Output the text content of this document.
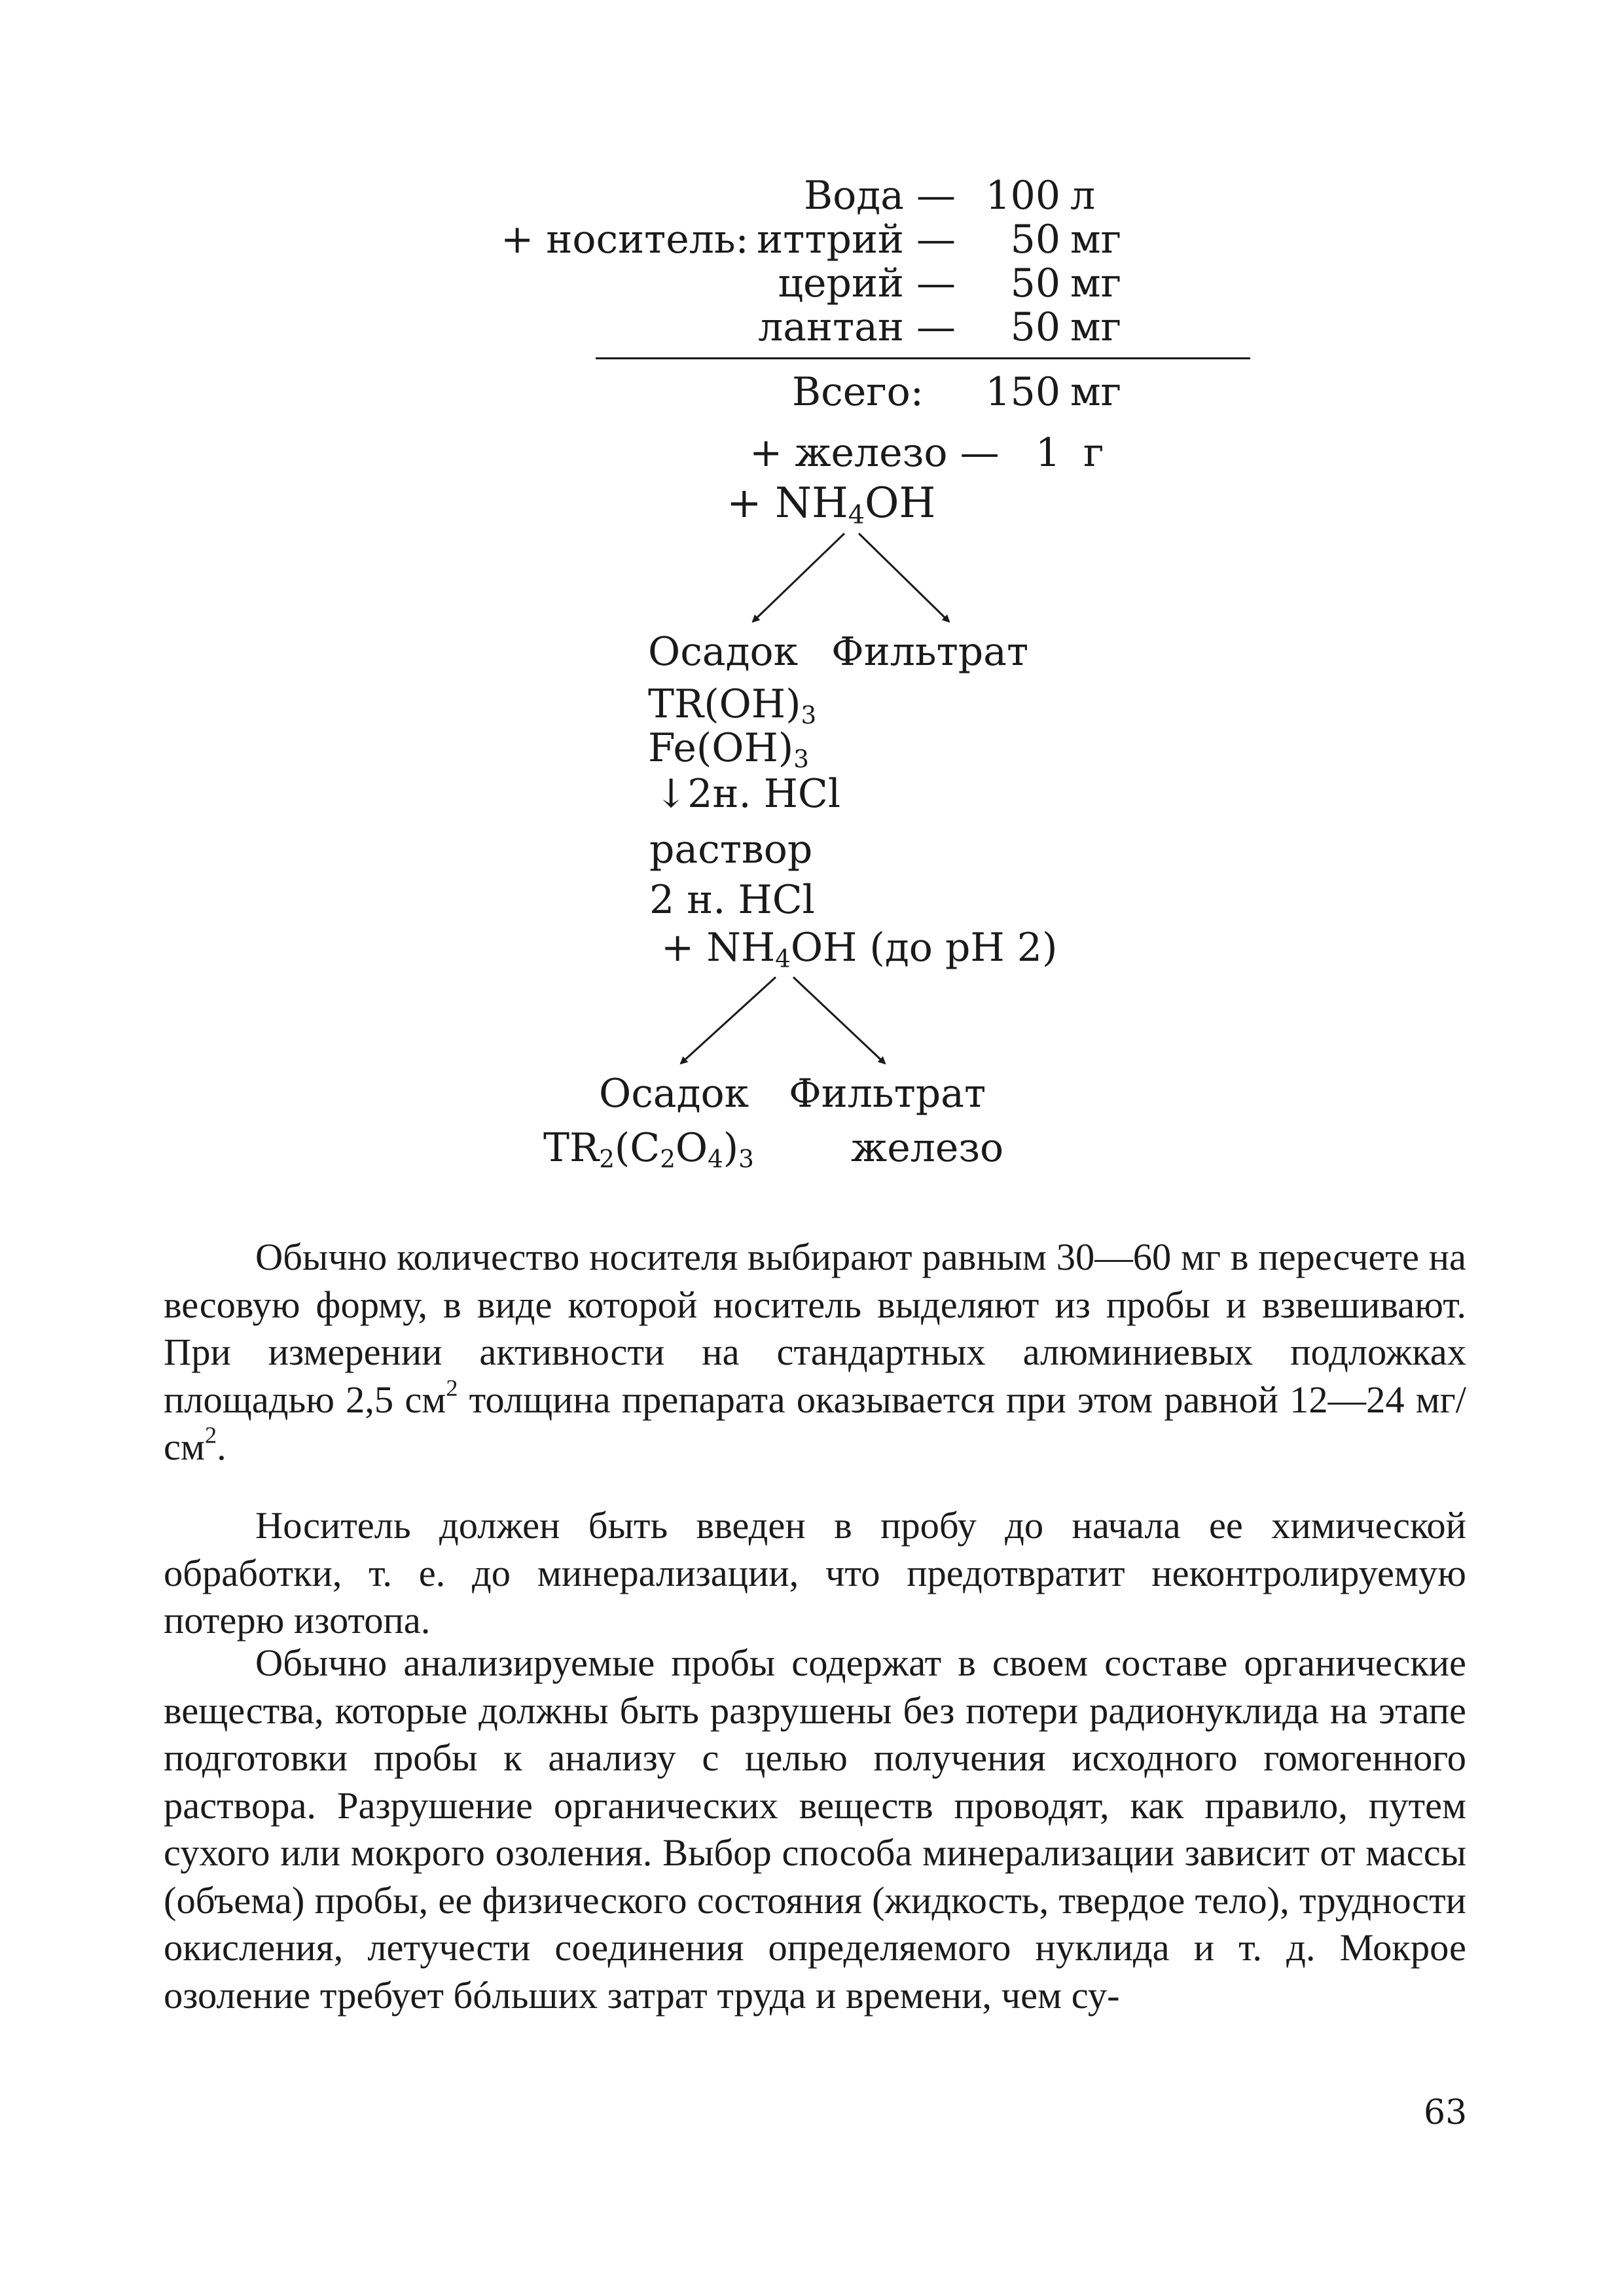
Вода — 100 л
+ носитель: иттрий —	50 мг
церий —	50 мг
лантан —	50 мг
Всего:	150 мг
+ железо — 1 г
+ $NH_4OH$
Осадок Фильтрат
$TR(OH)_3$
$Fe(OH)_3$
↓2н. HCl
раствор
2 н. HCl
+ $NH_4OH$ (до pH 2)
Осадок Фильтрат
$TR_2(C_2O_4)_3$ железо

Обычно количество носителя выбирают равным 30—60 мг в пересчете на весовую форму, в виде которой носитель выделяют из пробы и взвешивают. При измерении активности на стандартных алюминиевых подложках площадью 2,5 $см^2$ толщина препарата оказывается при этом равной 12—24 $мг/см^2$.

Носитель должен быть введен в пробу до начала ее химической обработки, т. е. до минерализации, что предотвратит неконтролируемую потерю изотопа.

Обычно анализируемые пробы содержат в своем составе органические вещества, которые должны быть разрушены без потери радионуклида на этапе подготовки пробы к анализу с целью получения исходного гомогенного раствора. Разрушение органических веществ проводят, как правило, путем сухого или мокрого озоления. Выбор способа минерализации зависит от массы (объема) пробы, ее физического состояния (жидкость, твердое тело), трудности окисления, летучести соединения определяемого нуклида и т. д. Мокрое озоление требует бóльших затрат труда и времени, чем су-

63
